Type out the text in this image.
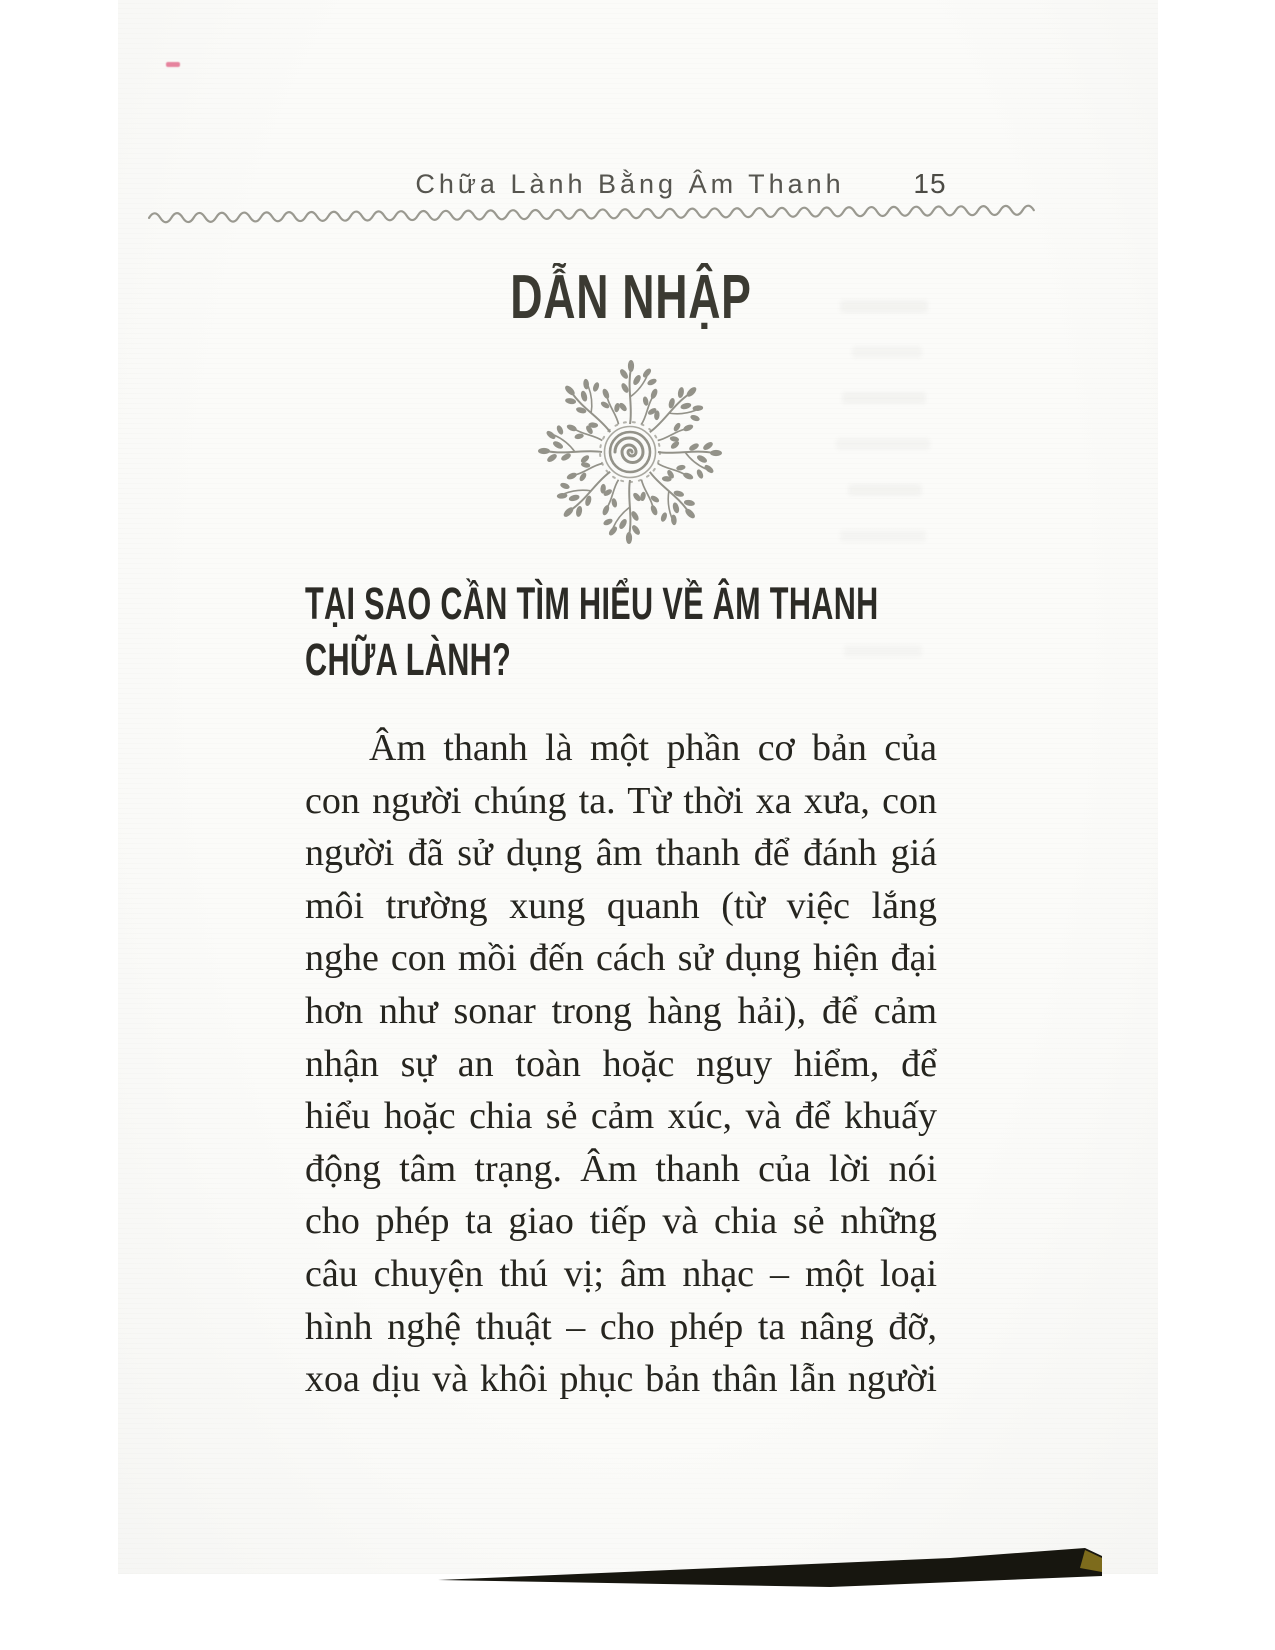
Chữa Lành Bằng Âm Thanh	15
DẪN NHẬP
TẠI SAO CẦN TÌM HIỂU VỀ ÂM THANH
CHỮA LÀNH?
Âm thanh là một phần cơ bản của
con người chúng ta. Từ thời xa xưa, con
người đã sử dụng âm thanh để đánh giá
môi trường xung quanh (từ việc lắng
nghe con mồi đến cách sử dụng hiện đại
hơn như sonar trong hàng hải), để cảm
nhận sự an toàn hoặc nguy hiểm, để
hiểu hoặc chia sẻ cảm xúc, và để khuấy
động tâm trạng. Âm thanh của lời nói
cho phép ta giao tiếp và chia sẻ những
câu chuyện thú vị; âm nhạc – một loại
hình nghệ thuật – cho phép ta nâng đỡ,
xoa dịu và khôi phục bản thân lẫn người
